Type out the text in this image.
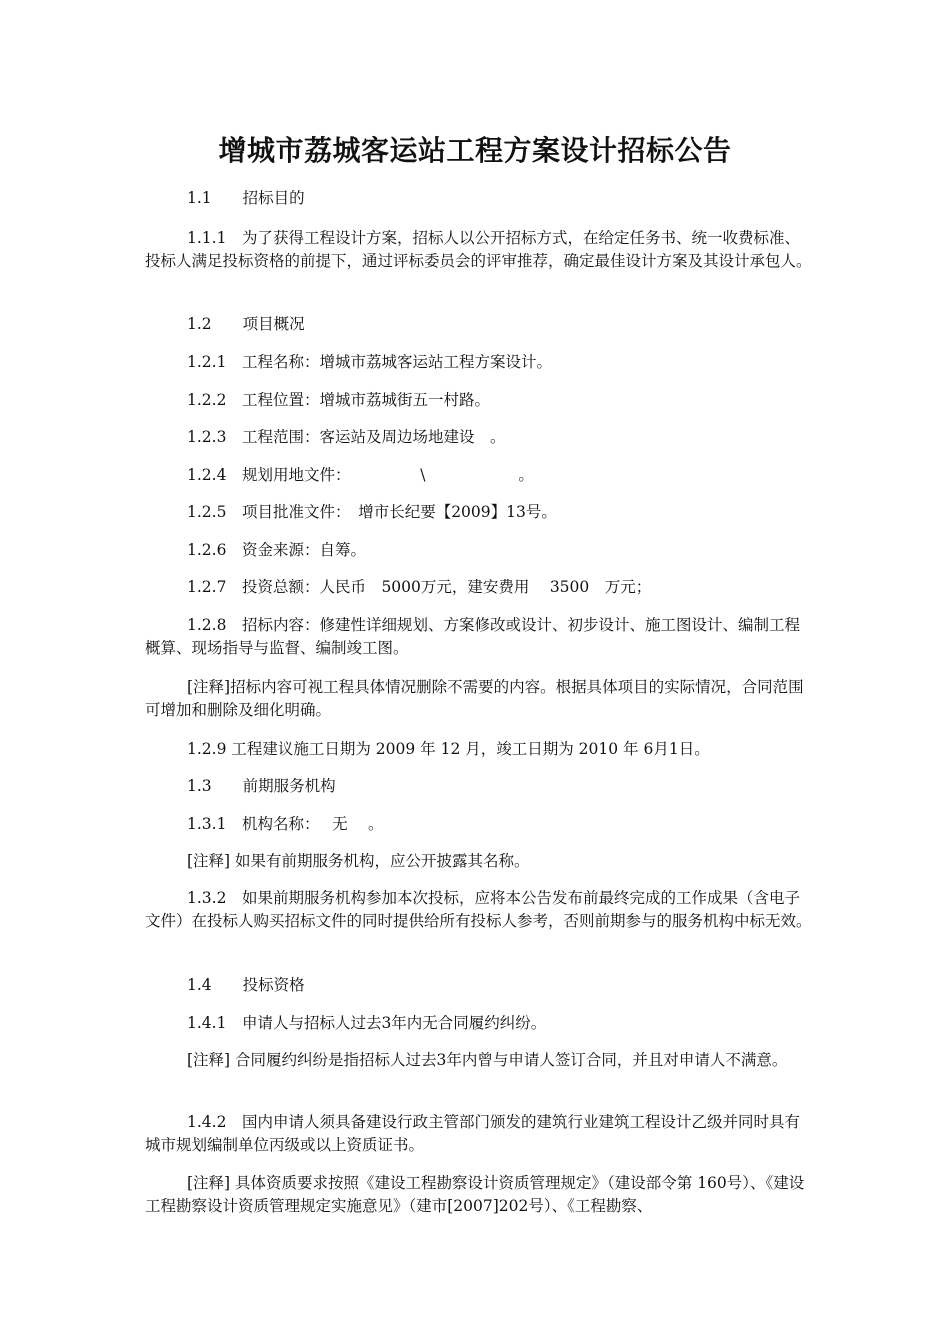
增城市荔城客运站工程方案设计招标公告

1.1　　招标目的

1.1.1　为了获得工程设计方案，招标人以公开招标方式，在给定任务书、统一收费标准、投标人满足投标资格的前提下，通过评标委员会的评审推荐，确定最佳设计方案及其设计承包人。

1.2　　项目概况

1.2.1　工程名称：增城市荔城客运站工程方案设计。

1.2.2　工程位置：增城市荔城街五一村路。

1.2.3　工程范围：客运站及周边场地建设　。

1.2.4　规划用地文件：　　　　　\　　　　　　。

1.2.5　项目批准文件：　增市长纪要【2009】13号。

1.2.6　资金来源：自筹。

1.2.7　投资总额：人民币　5000万元，建安费用　 3500　万元；

1.2.8　招标内容：修建性详细规划、方案修改或设计、初步设计、施工图设计、编制工程概算、现场指导与监督、编制竣工图。

[注释]招标内容可视工程具体情况删除不需要的内容。根据具体项目的实际情况，合同范围可增加和删除及细化明确。

1.2.9 工程建议施工日期为 2009 年 12 月，竣工日期为 2010 年 6月1日。

1.3　　前期服务机构

1.3.1　机构名称：　 无　 。

[注释] 如果有前期服务机构，应公开披露其名称。

1.3.2　如果前期服务机构参加本次投标，应将本公告发布前最终完成的工作成果（含电子文件）在投标人购买招标文件的同时提供给所有投标人参考，否则前期参与的服务机构中标无效。

1.4　　投标资格

1.4.1　申请人与招标人过去3年内无合同履约纠纷。

[注释] 合同履约纠纷是指招标人过去3年内曾与申请人签订合同，并且对申请人不满意。

1.4.2　国内申请人须具备建设行政主管部门颁发的建筑行业建筑工程设计乙级并同时具有城市规划编制单位丙级或以上资质证书。

[注释] 具体资质要求按照《建设工程勘察设计资质管理规定》（建设部令第 160号）、《建设工程勘察设计资质管理规定实施意见》（建市[2007]202号）、《工程勘察、
